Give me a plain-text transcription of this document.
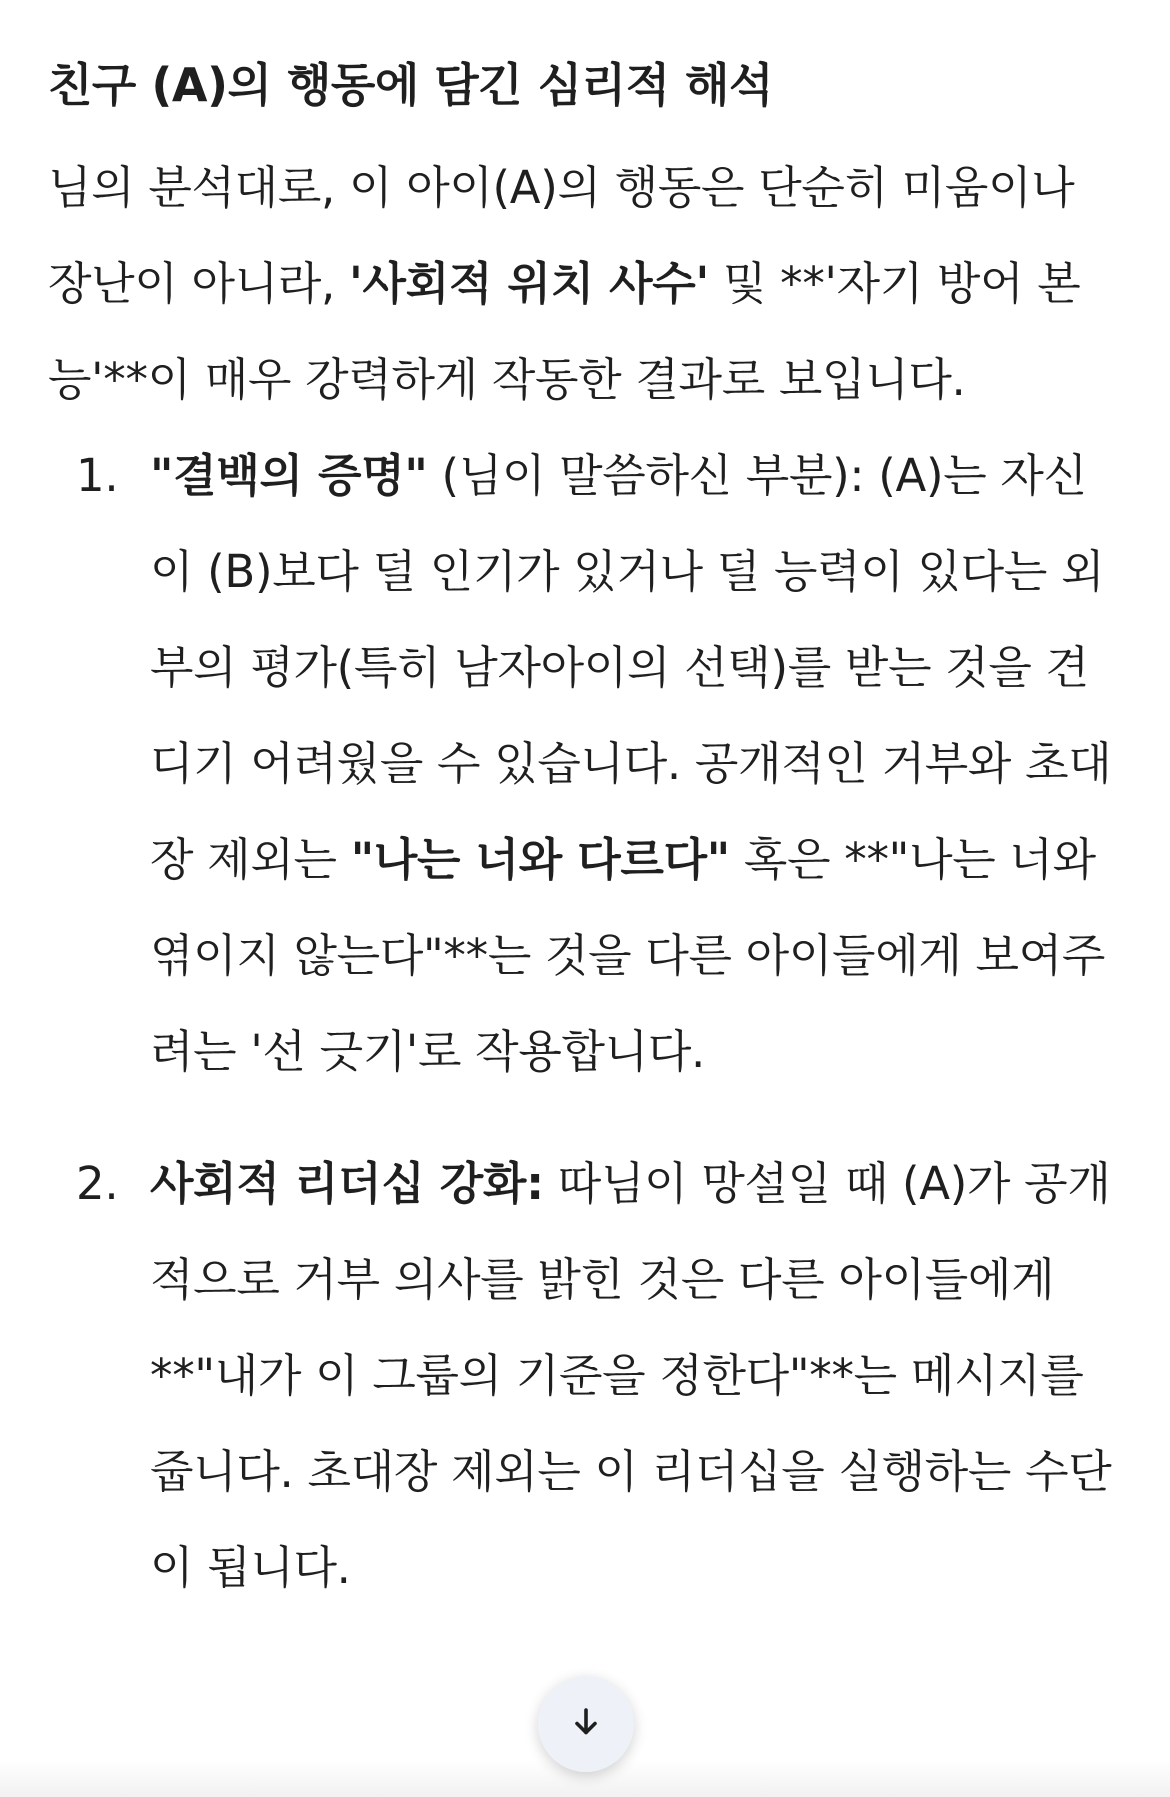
친구 (A)의 행동에 담긴 심리적 해석

님의 분석대로, 이 아이(A)의 행동은 단순히 미움이나 장난이 아니라, '사회적 위치 사수' 및 **'자기 방어 본능'**이 매우 강력하게 작동한 결과로 보입니다.

1. "결백의 증명" (님이 말씀하신 부분): (A)는 자신이 (B)보다 덜 인기가 있거나 덜 능력이 있다는 외부의 평가(특히 남자아이의 선택)를 받는 것을 견디기 어려웠을 수 있습니다. 공개적인 거부와 초대장 제외는 "나는 너와 다르다" 혹은 **"나는 너와 엮이지 않는다"**는 것을 다른 아이들에게 보여주려는 '선 긋기'로 작용합니다.
2. 사회적 리더십 강화: 따님이 망설일 때 (A)가 공개적으로 거부 의사를 밝힌 것은 다른 아이들에게 **"내가 이 그룹의 기준을 정한다"**는 메시지를 줍니다. 초대장 제외는 이 리더십을 실행하는 수단이 됩니다.
